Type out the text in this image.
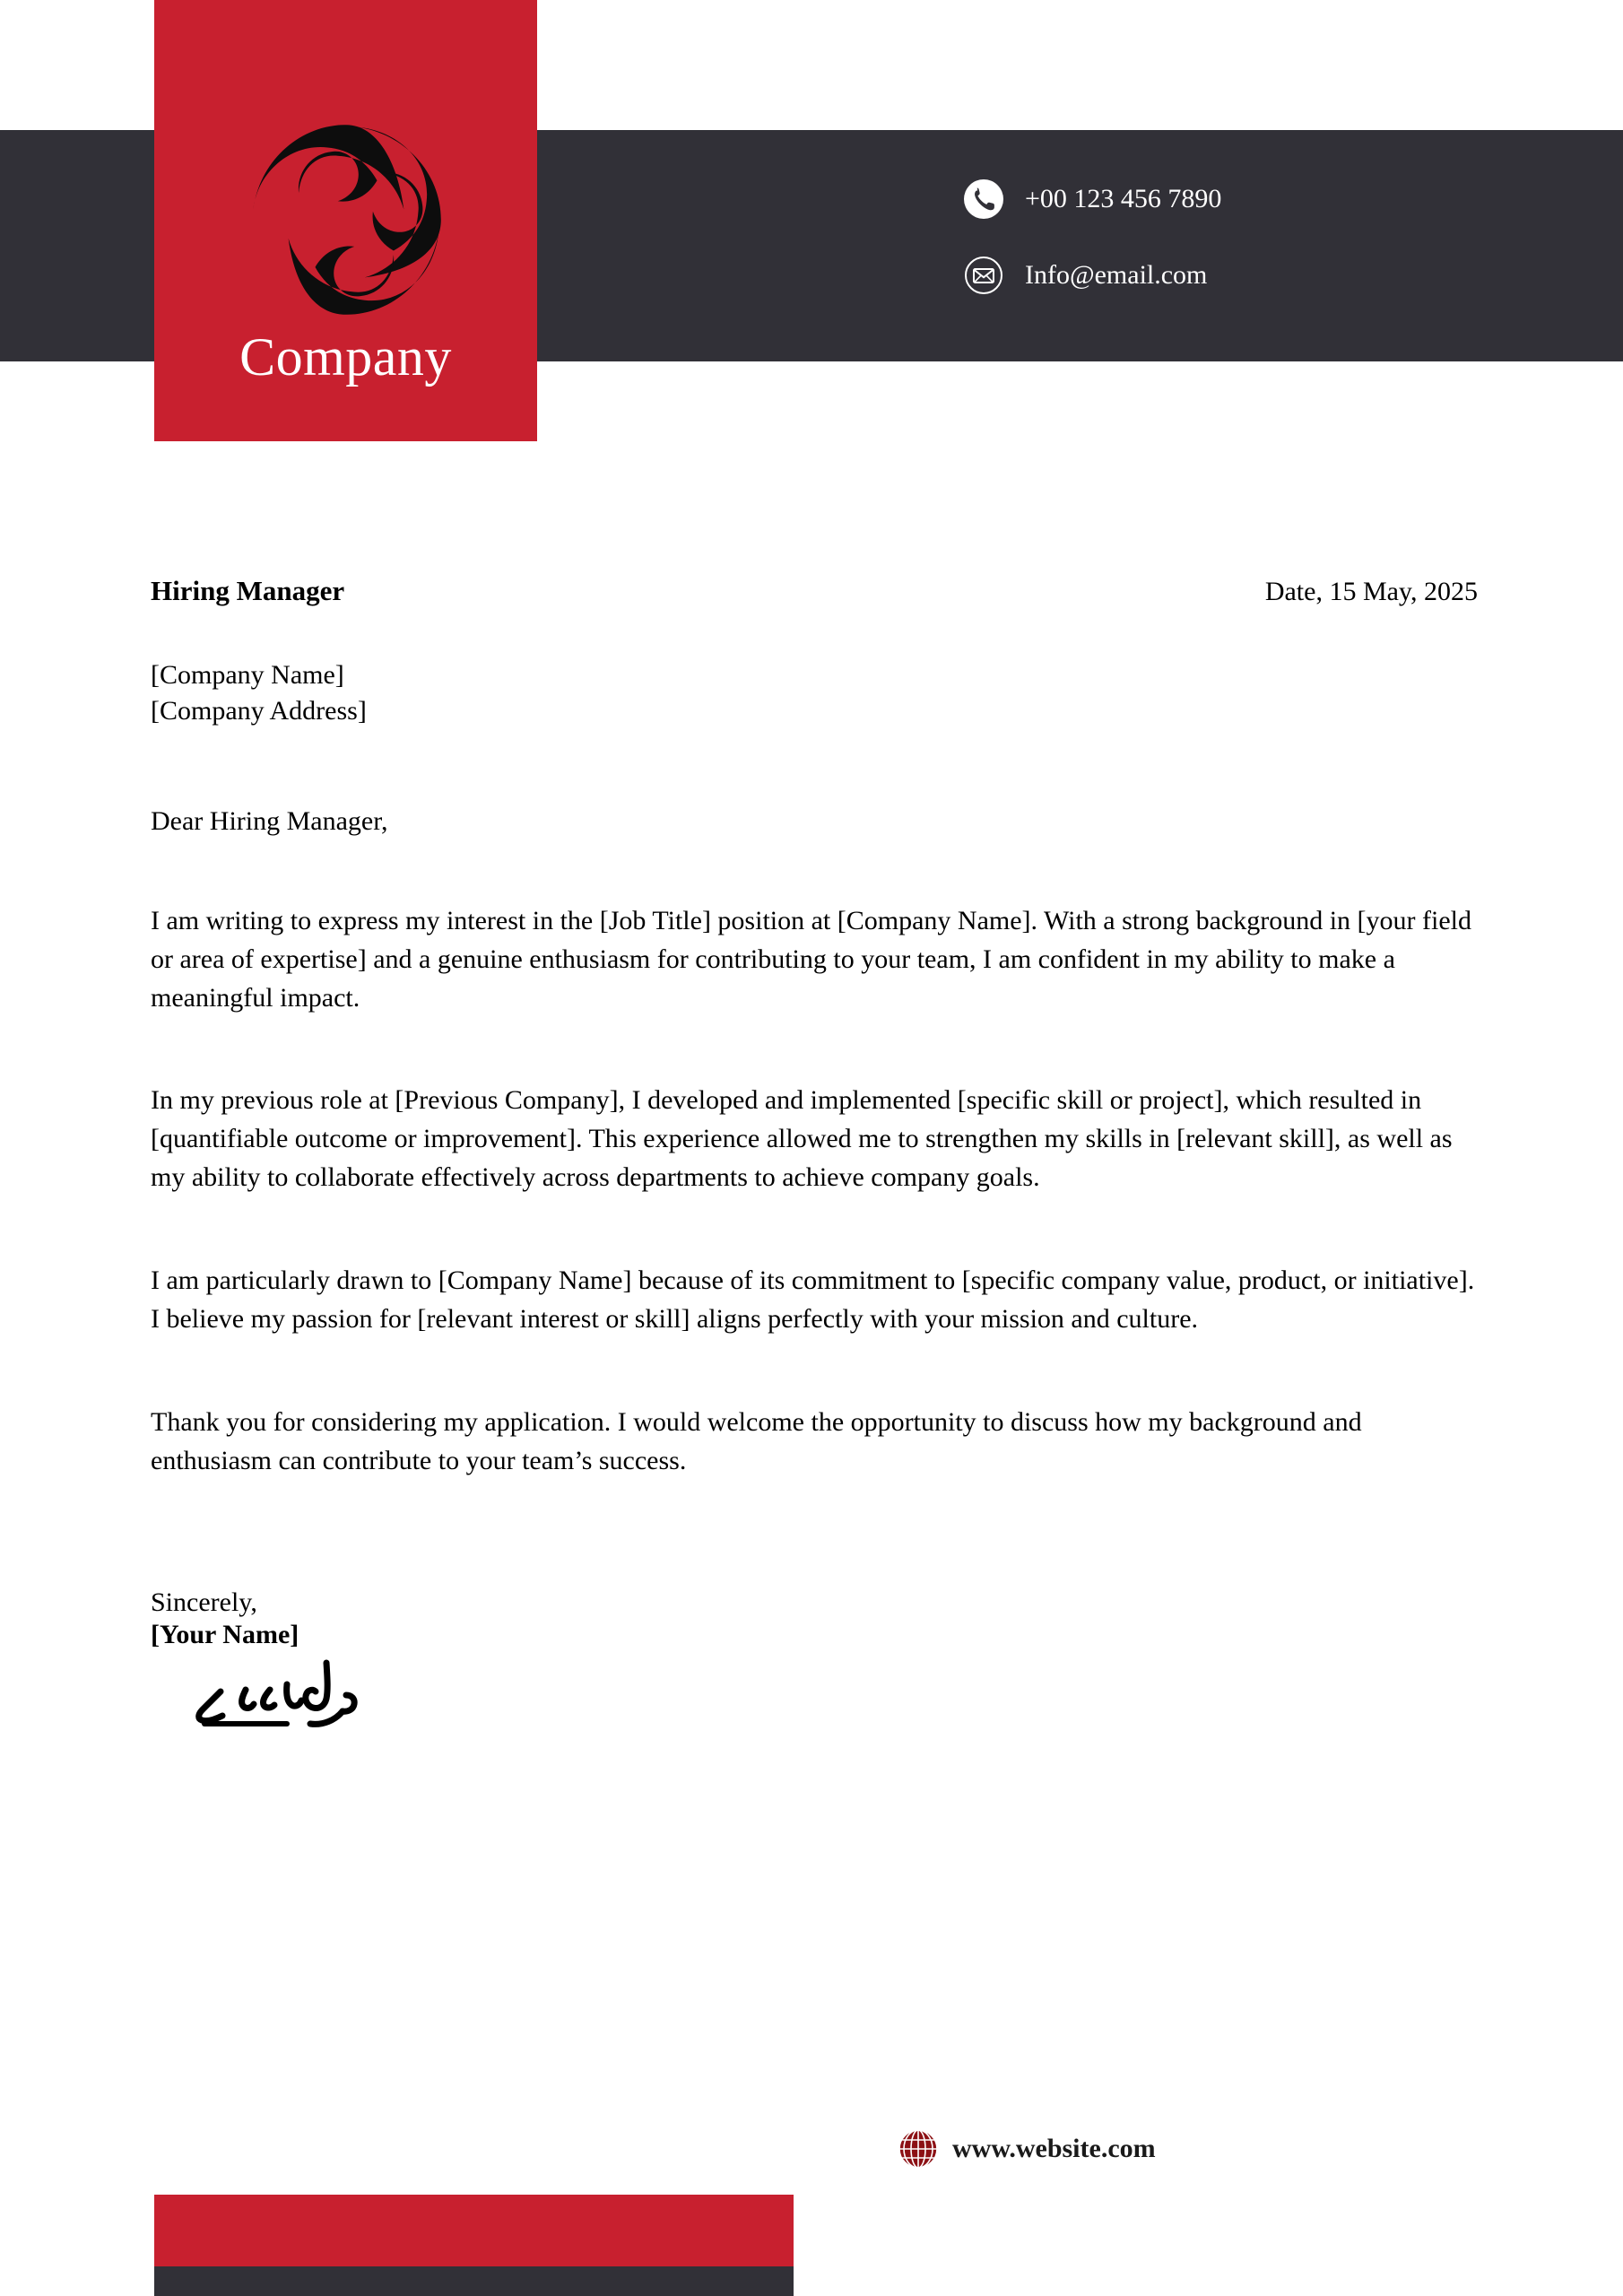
Company
+00 123 456 7890
Info@email.com
Hiring Manager	Date, 15 May, 2025
[Company Name]
[Company Address]
Dear Hiring Manager,

I am writing to express my interest in the [Job Title] position at [Company Name]. With a strong background in [your field or area of expertise] and a genuine enthusiasm for contributing to your team, I am confident in my ability to make a meaningful impact.

In my previous role at [Previous Company], I developed and implemented [specific skill or project], which resulted in [quantifiable outcome or improvement]. This experience allowed me to strengthen my skills in [relevant skill], as well as my ability to collaborate effectively across departments to achieve company goals.

I am particularly drawn to [Company Name] because of its commitment to [specific company value, product, or initiative]. I believe my passion for [relevant interest or skill] aligns perfectly with your mission and culture.

Thank you for considering my application. I would welcome the opportunity to discuss how my background and enthusiasm can contribute to your team’s success.

Sincerely,
[Your Name]
www.website.com
